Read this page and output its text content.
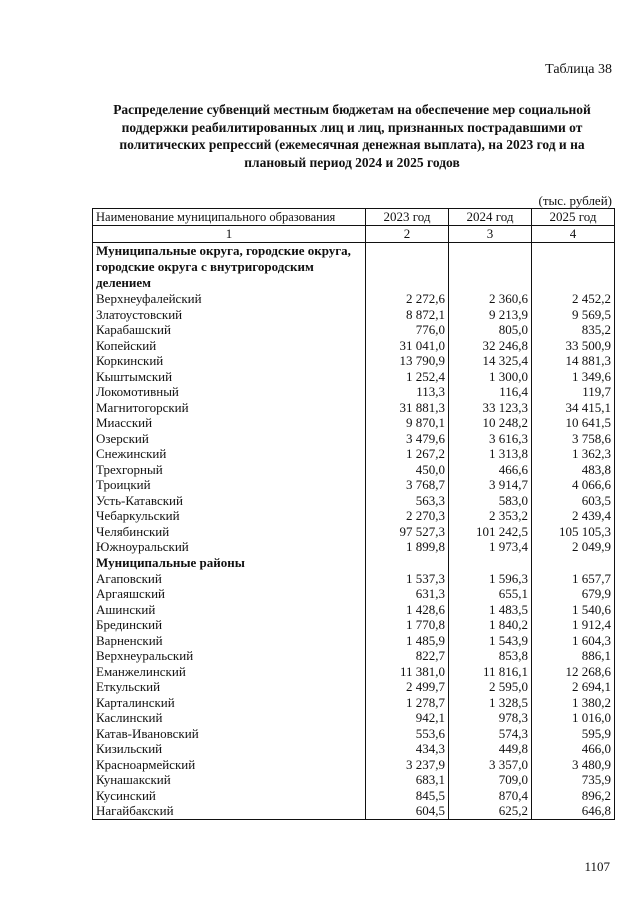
Таблица 38
Распределение субвенций местным бюджетам на обеспечение мер социальной поддержки реабилитированных лиц и лиц, признанных пострадавшими от политических репрессий (ежемесячная денежная выплата), на 2023 год и на плановый период 2024 и 2025 годов
(тыс. рублей)
Наименование муниципального образования	2023 год	2024 год	2025 год
1	2	3	4
Муниципальные округа, городские округа, городские округа с внутригородским делением			
Верхнеуфалейский	2 272,6	2 360,6	2 452,2
Златоустовский	8 872,1	9 213,9	9 569,5
Карабашский	776,0	805,0	835,2
Копейский	31 041,0	32 246,8	33 500,9
Коркинский	13 790,9	14 325,4	14 881,3
Кыштымский	1 252,4	1 300,0	1 349,6
Локомотивный	113,3	116,4	119,7
Магнитогорский	31 881,3	33 123,3	34 415,1
Миасский	9 870,1	10 248,2	10 641,5
Озерский	3 479,6	3 616,3	3 758,6
Снежинский	1 267,2	1 313,8	1 362,3
Трехгорный	450,0	466,6	483,8
Троицкий	3 768,7	3 914,7	4 066,6
Усть-Катавский	563,3	583,0	603,5
Чебаркульский	2 270,3	2 353,2	2 439,4
Челябинский	97 527,3	101 242,5	105 105,3
Южноуральский	1 899,8	1 973,4	2 049,9
Муниципальные районы			
Агаповский	1 537,3	1 596,3	1 657,7
Аргаяшский	631,3	655,1	679,9
Ашинский	1 428,6	1 483,5	1 540,6
Брединский	1 770,8	1 840,2	1 912,4
Варненский	1 485,9	1 543,9	1 604,3
Верхнеуральский	822,7	853,8	886,1
Еманжелинский	11 381,0	11 816,1	12 268,6
Еткульский	2 499,7	2 595,0	2 694,1
Карталинский	1 278,7	1 328,5	1 380,2
Каслинский	942,1	978,3	1 016,0
Катав-Ивановский	553,6	574,3	595,9
Кизильский	434,3	449,8	466,0
Красноармейский	3 237,9	3 357,0	3 480,9
Кунашакский	683,1	709,0	735,9
Кусинский	845,5	870,4	896,2
Нагайбакский	604,5	625,2	646,8
1107
